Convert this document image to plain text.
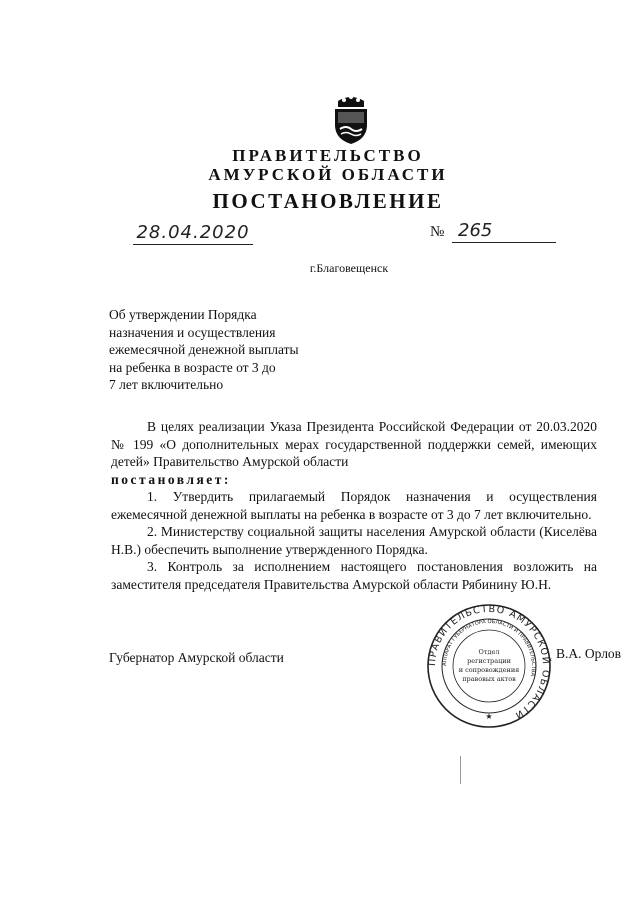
ПРАВИТЕЛЬСТВО
АМУРСКОЙ ОБЛАСТИ
ПОСТАНОВЛЕНИЕ
28.04.2020	№ 265
г.Благовещенск
Об утверждении Порядка
назначения и осуществления
ежемесячной денежной выплаты
на ребенка в возрасте от 3 до
7 лет включительно

В целях реализации Указа Президента Российской Федерации от 20.03.2020 № 199 «О дополнительных мерах государственной поддержки семей, имеющих детей» Правительство Амурской области

постановляет:

1. Утвердить прилагаемый Порядок назначения и осуществления ежемесячной денежной выплаты на ребенка в возрасте от 3 до 7 лет включительно.

2. Министерству социальной защиты населения Амурской области (Киселёва Н.В.) обеспечить выполнение утвержденного Порядка.

3. Контроль за исполнением настоящего постановления возложить на заместителя председателя Правительства Амурской области Рябинину Ю.Н.

Губернатор Амурской области	В.А. Орлов
ПРАВИТЕЛЬСТВО АМУРСКОЙ ОБЛАСТИ
АППАРАТ ГУБЕРНАТОРА ОБЛАСТИ И ПРАВИТЕЛЬСТВА
Отдел
регистрации
и сопровождения
правовых актов
★
